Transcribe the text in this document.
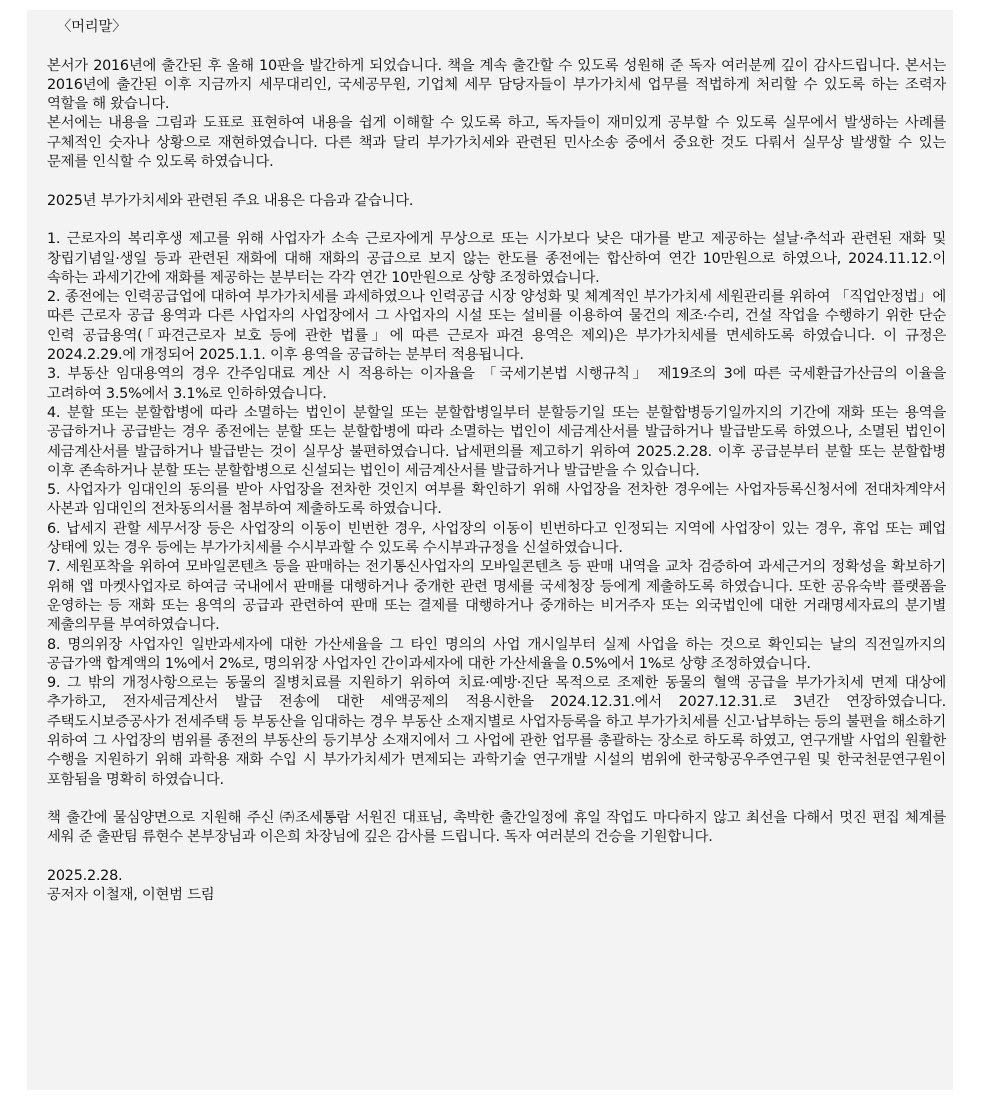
〈머리말〉

본서가 2016년에 출간된 후 올해 10판을 발간하게 되었습니다. 책을 계속 출간할 수 있도록 성원해 준 독자 여러분께 깊이 감사드립니다. 본서는 2016년에 출간된 이후 지금까지 세무대리인, 국세공무원, 기업체 세무 담당자들이 부가가치세 업무를 적법하게 처리할 수 있도록 하는 조력자 역할을 해 왔습니다.

본서에는 내용을 그림과 도표로 표현하여 내용을 쉽게 이해할 수 있도록 하고, 독자들이 재미있게 공부할 수 있도록 실무에서 발생하는 사례를 구체적인 숫자나 상황으로 재현하였습니다. 다른 책과 달리 부가가치세와 관련된 민사소송 중에서 중요한 것도 다뤄서 실무상 발생할 수 있는 문제를 인식할 수 있도록 하였습니다.

2025년 부가가치세와 관련된 주요 내용은 다음과 같습니다.

1. 근로자의 복리후생 제고를 위해 사업자가 소속 근로자에게 무상으로 또는 시가보다 낮은 대가를 받고 제공하는 설날·추석과 관련된 재화 및 창립기념일·생일 등과 관련된 재화에 대해 재화의 공급으로 보지 않는 한도를 종전에는 합산하여 연간 10만원으로 하였으나, 2024.11.12.이 속하는 과세기간에 재화를 제공하는 분부터는 각각 연간 10만원으로 상향 조정하였습니다.
2. 종전에는 인력공급업에 대하여 부가가치세를 과세하였으나 인력공급 시장 양성화 및 체계적인 부가가치세 세원관리를 위하여 「직업안정법」에 따른 근로자 공급 용역과 다른 사업자의 사업장에서 그 사업자의 시설 또는 설비를 이용하여 물건의 제조·수리, 건설 작업을 수행하기 위한 단순 인력 공급용역(「파견근로자 보호 등에 관한 법률」에 따른 근로자 파견 용역은 제외)은 부가가치세를 면세하도록 하였습니다. 이 규정은 2024.2.29.에 개정되어 2025.1.1. 이후 용역을 공급하는 분부터 적용됩니다.
3. 부동산 임대용역의 경우 간주임대료 계산 시 적용하는 이자율을 「국세기본법 시행규칙」 제19조의 3에 따른 국세환급가산금의 이율을 고려하여 3.5%에서 3.1%로 인하하였습니다.
4. 분할 또는 분할합병에 따라 소멸하는 법인이 분할일 또는 분할합병일부터 분할등기일 또는 분할합병등기일까지의 기간에 재화 또는 용역을 공급하거나 공급받는 경우 종전에는 분할 또는 분할합병에 따라 소멸하는 법인이 세금계산서를 발급하거나 발급받도록 하였으나, 소멸된 법인이 세금계산서를 발급하거나 발급받는 것이 실무상 불편하였습니다. 납세편의를 제고하기 위하여 2025.2.28. 이후 공급분부터 분할 또는 분할합병 이후 존속하거나 분할 또는 분할합병으로 신설되는 법인이 세금계산서를 발급하거나 발급받을 수 있습니다.
5. 사업자가 임대인의 동의를 받아 사업장을 전차한 것인지 여부를 확인하기 위해 사업장을 전차한 경우에는 사업자등록신청서에 전대차계약서 사본과 임대인의 전차동의서를 첨부하여 제출하도록 하였습니다.
6. 납세지 관할 세무서장 등은 사업장의 이동이 빈번한 경우, 사업장의 이동이 빈번하다고 인정되는 지역에 사업장이 있는 경우, 휴업 또는 폐업 상태에 있는 경우 등에는 부가가치세를 수시부과할 수 있도록 수시부과규정을 신설하였습니다.
7. 세원포착을 위하여 모바일콘텐츠 등을 판매하는 전기통신사업자의 모바일콘텐츠 등 판매 내역을 교차 검증하여 과세근거의 정확성을 확보하기 위해 앱 마켓사업자로 하여금 국내에서 판매를 대행하거나 중개한 관련 명세를 국세청장 등에게 제출하도록 하였습니다. 또한 공유숙박 플랫폼을 운영하는 등 재화 또는 용역의 공급과 관련하여 판매 또는 결제를 대행하거나 중개하는 비거주자 또는 외국법인에 대한 거래명세자료의 분기별 제출의무를 부여하였습니다.
8. 명의위장 사업자인 일반과세자에 대한 가산세율을 그 타인 명의의 사업 개시일부터 실제 사업을 하는 것으로 확인되는 날의 직전일까지의 공급가액 합계액의 1%에서 2%로, 명의위장 사업자인 간이과세자에 대한 가산세율을 0.5%에서 1%로 상향 조정하였습니다.
9. 그 밖의 개정사항으로는 동물의 질병치료를 지원하기 위하여 치료·예방·진단 목적으로 조제한 동물의 혈액 공급을 부가가치세 면제 대상에 추가하고, 전자세금계산서 발급 전송에 대한 세액공제의 적용시한을 2024.12.31.에서 2027.12.31.로 3년간 연장하였습니다. 주택도시보증공사가 전세주택 등 부동산을 임대하는 경우 부동산 소재지별로 사업자등록을 하고 부가가치세를 신고·납부하는 등의 불편을 해소하기 위하여 그 사업장의 범위를 종전의 부동산의 등기부상 소재지에서 그 사업에 관한 업무를 총괄하는 장소로 하도록 하였고, 연구개발 사업의 원활한 수행을 지원하기 위해 과학용 재화 수입 시 부가가치세가 면제되는 과학기술 연구개발 시설의 범위에 한국항공우주연구원 및 한국천문연구원이 포함됨을 명확히 하였습니다.

책 출간에 물심양면으로 지원해 주신 ㈜조세통람 서원진 대표님, 촉박한 출간일정에 휴일 작업도 마다하지 않고 최선을 다해서 멋진 편집 체계를 세워 준 출판팀 류현수 본부장님과 이은희 차장님에 깊은 감사를 드립니다. 독자 여러분의 건승을 기원합니다.

2025.2.28.

공저자 이철재, 이현범 드림
